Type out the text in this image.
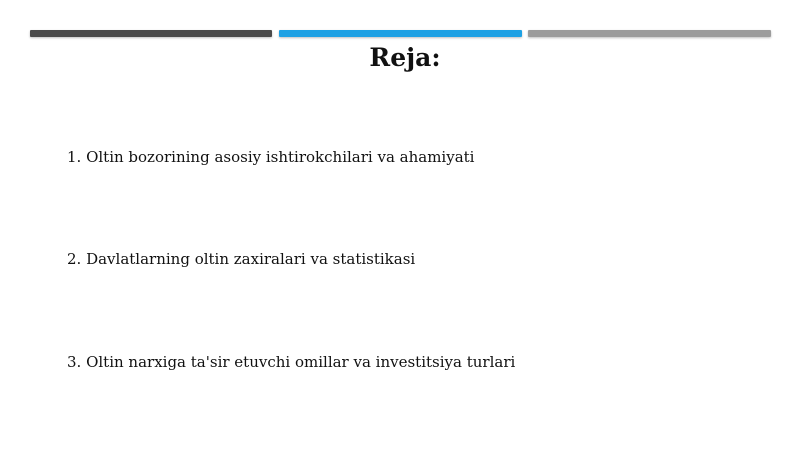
Reja:
1. Oltin bozorining asosiy ishtirokchilari va ahamiyati
2. Davlatlarning oltin zaxiralari va statistikasi
3. Oltin narxiga ta'sir etuvchi omillar va investitsiya turlari
